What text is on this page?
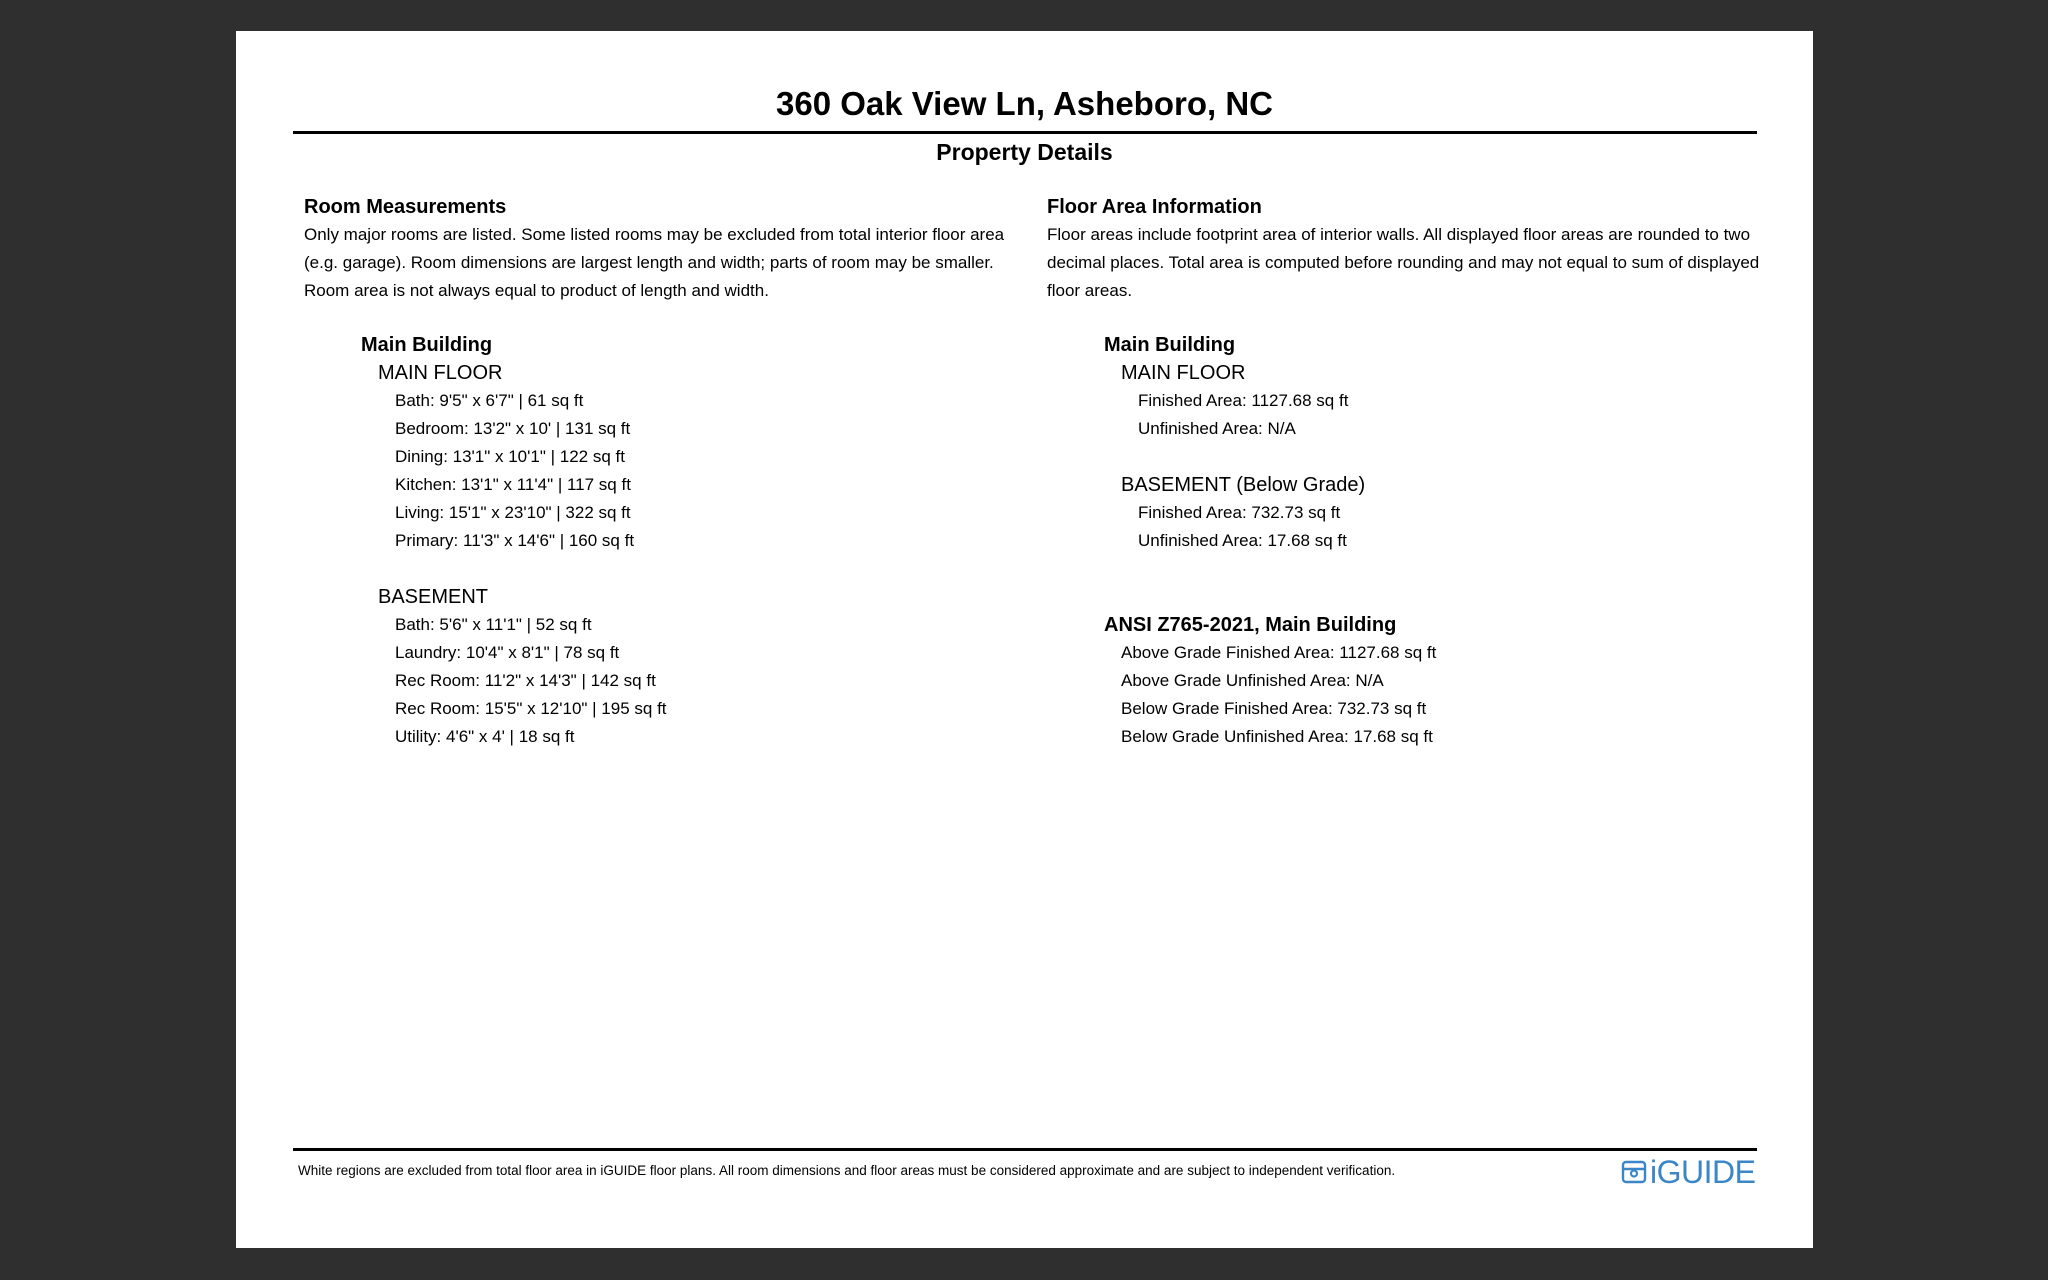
360 Oak View Ln, Asheboro, NC
Property Details
Room Measurements
Only major rooms are listed. Some listed rooms may be excluded from total interior floor area (e.g. garage). Room dimensions are largest length and width; parts of room may be smaller. Room area is not always equal to product of length and width.
Main Building
MAIN FLOOR
Bath: 9'5" x 6'7" | 61 sq ft
Bedroom: 13'2" x 10' | 131 sq ft
Dining: 13'1" x 10'1" | 122 sq ft
Kitchen: 13'1" x 11'4" | 117 sq ft
Living: 15'1" x 23'10" | 322 sq ft
Primary: 11'3" x 14'6" | 160 sq ft
BASEMENT
Bath: 5'6" x 11'1" | 52 sq ft
Laundry: 10'4" x 8'1" | 78 sq ft
Rec Room: 11'2" x 14'3" | 142 sq ft
Rec Room: 15'5" x 12'10" | 195 sq ft
Utility: 4'6" x 4' | 18 sq ft
Floor Area Information
Floor areas include footprint area of interior walls. All displayed floor areas are rounded to two decimal places. Total area is computed before rounding and may not equal to sum of displayed floor areas.
Main Building
MAIN FLOOR
Finished Area: 1127.68 sq ft
Unfinished Area: N/A
BASEMENT (Below Grade)
Finished Area: 732.73 sq ft
Unfinished Area: 17.68 sq ft
ANSI Z765-2021, Main Building
Above Grade Finished Area: 1127.68 sq ft
Above Grade Unfinished Area: N/A
Below Grade Finished Area: 732.73 sq ft
Below Grade Unfinished Area: 17.68 sq ft
White regions are excluded from total floor area in iGUIDE floor plans. All room dimensions and floor areas must be considered approximate and are subject to independent verification.	iGUIDE
